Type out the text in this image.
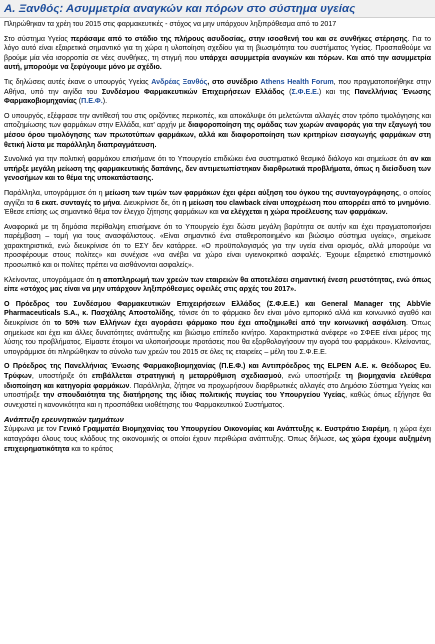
Α. Ξανθός: Ασυμμετρία αναγκών και πόρων στο σύστημα υγείας

Πληρώθηκαν τα χρέη του 2015 στις φαρμακευτικές - στόχος να μην υπάρχουν ληξιπρόθεσμα από το 2017

Στο σύστημα Υγείας περάσαμε από το στάδιο της πλήρους ασυδοσίας, στην ισοσθενή του και σε συνθήκες στέρησης. Για το λόγο αυτό είναι εξαιρετικά σημαντικό για τη χώρα η υλοποίηση σχεδίου για τη βιωσιμότητα του συστήματος Υγείας. Προσπαθούμε να βρούμε μία νέα ισορροπία σε νέες συνθήκες, τη στιγμή που υπάρχει ασυμμετρία αναγκών και πόρων. Και από την ασυμμετρία αυτή, μπορούμε να ξεφύγουμε μόνο με σχέδιο.

Τις δηλώσεις αυτές έκανε ο υπουργός Υγείας Ανδρέας Ξανθός, στο συνέδριο Athens Health Forum, που πραγματοποιήθηκε στην Αθήνα, υπό την αιγίδα του Συνδέσμου Φαρμακευτικών Επιχειρήσεων Ελλάδος (Σ.Φ.Ε.Ε.) και της Πανελλήνιας Ένωσης Φαρμακοβιομηχανίας (Π.Ε.Φ.).

Ο υπουργός, εξέφρασε την αντίθεσή του στις οριζόντιες περικοπές, και αποκάλυψε ότι μελετώνται αλλαγές στον τρόπο τιμολόγησης και αποζημίωσης των φαρμάκων στην Ελλάδα, κατ' αρχήν με διαφοροποίηση της ομάδας των χωρών αναφοράς για την εξαγωγή του μέσου όρου τιμολόγησης των πρωτοτύπων φαρμάκων, αλλά και διαφοροποίηση των κριτηρίων εισαγωγής φαρμάκων στη θετική λίστα με παράλληλη διαπραγμάτευση.

Συνολικά για την πολιτική φαρμάκου επισήμανε ότι το Υπουργείο επιδιώκει ένα συστηματικό θεσμικό διάλογο και σημείωσε ότι αν και υπήρξε μεγάλη μείωση της φαρμακευτικής δαπάνης, δεν αντιμετωπίστηκαν διαρθρωτικά προβλήματα, όπως η διείσδυση των γενοσήμων και το θέμα της υποκατάστασης.

Παράλληλα, υπογράμμισε ότι η μείωση των τιμών των φαρμάκων έχει φέρει αύξηση του όγκου της συνταγογράφησης, ο οποίος αγγίζει τα 6 εκατ. συνταγές το μήνα. Διευκρίνισε δε, ότι η μείωση του clawback είναι υποχρέωση που απορρέει από το μνημόνιο. Έθεσε επίσης ως σημαντικό θέμα τον έλεγχο ζήτησης φαρμάκων και να ελέγχεται η χώρα προέλευσης των φαρμάκων.

Αναφορικά με τη δημόσια περίθαλψη επισήμανε ότι το Υπουργείο έχει δώσει μεγάλη βαρύτητα σε αυτήν και έχει πραγματοποιήσει παρέμβαση – τομή για τους ανασφάλιστους. «Είναι σημαντικό ένα σταθεροποιημένο και βιώσιμο σύστημα υγείας», σημείωσε χαρακτηριστικά, ενώ διευκρίνισε ότι το ΕΣΥ δεν κατάρρεε. «Ο προϋπολογισμός για την υγεία είναι ορισμός, αλλά μπορούμε να προσφέρουμε στους πολίτες» και συνέχισε «να ανέβει να χώρο είναι υγιεινοκριτικό ασφαλές. Έχουμε εξαιρετικό επιστημονικό προσωπικό και οι πολίτες πρέπει να αισθάνονται ασφαλείς».

Κλείνοντας, υπογράμμισε ότι η αποπληρωμή των χρεών των εταιρειών θα αποτελέσει σημαντική ένεση ρευστότητας, ενώ όπως είπε «στόχος μας είναι να μην υπάρχουν ληξιπρόθεσμες οφειλές στις αρχές του 2017».

Ο Πρόεδρος του Συνδέσμου Φαρμακευτικών Επιχειρήσεων Ελλάδος (Σ.Φ.Ε.Ε.) και General Manager της AbbVie Pharmaceuticals S.A., κ. Πασχάλης Αποστολίδης, τόνισε ότι το φάρμακο δεν είναι μόνο εμπορικό αλλά και κοινωνικό αγαθό και διευκρίνισε ότι το 50% των Ελλήνων έχει αγοράσει φάρμακο που έχει αποζημιωθεί από την κοινωνική ασφάλιση. Όπως σημείωσε και έχει και άλλες δυνατότητες ανάπτυξης και βιώσιμο επίπεδο κινήτρο. Χαρακτηριστικά ανέφερε «ο ΣΦΕΕ είναι μέρος της λύσης του προβλήματος. Είμαστε έτοιμοι να υλοποιήσουμε προτάσεις που θα εξορθολογήσουν την αγορά του φαρμάκου». Κλείνοντας, υπογράμμισε ότι πληρώθηκαν το σύνολο των χρεών του 2015 σε όλες τις εταιρείες – μέλη του Σ.Φ.Ε.Ε.

Ο Πρόεδρος της Πανελλήνιας Ένωσης Φαρμακοβιομηχανίας (Π.Ε.Φ.) και Αντιπρόεδρος της ELPEN Α.Ε. κ. Θεόδωρος Ευ. Τρύφων, υποστήριξε ότι επιβάλλεται στρατηγική η μεταρρύθμιση σχεδιασμού, ενώ υποστήριξε τη βιομηχανία ελεύθερα ιδιοποίηση και κατηγορία φαρμάκων. Παράλληλα, ζήτησε να προχωρήσουν διαρθρωτικές αλλαγές στο Δημόσιο Σύστημα Υγείας και υποστήριξε την σπουδαιότητα της διατήρησης της ίδιας πολιτικής πυγείας του Υπουργείου Υγείας, καθώς όπως εξήγησε θα συνεχιστεί η κανονικότητα και η προσπάθεια υιοθέτησης του Φαρμακευτικού Συστήματος.

Ανάπτυξη ερευνητικών τμημάτων

Σύμφωνα με τον Γενικό Γραμματέα Βιομηχανίας του Υπουργείου Οικονομίας και Ανάπτυξης κ. Ευστράτιο Σιαρέμη, η χώρα έχει καταγράφει όλους τους κλάδους της οικονομικής οι οποίοι έχουν περιθώρια ανάπτυξης. Όπως δήλωσε, ως χώρα έχουμε αυξημένη επιχειρηματικότητα και το κράτος
